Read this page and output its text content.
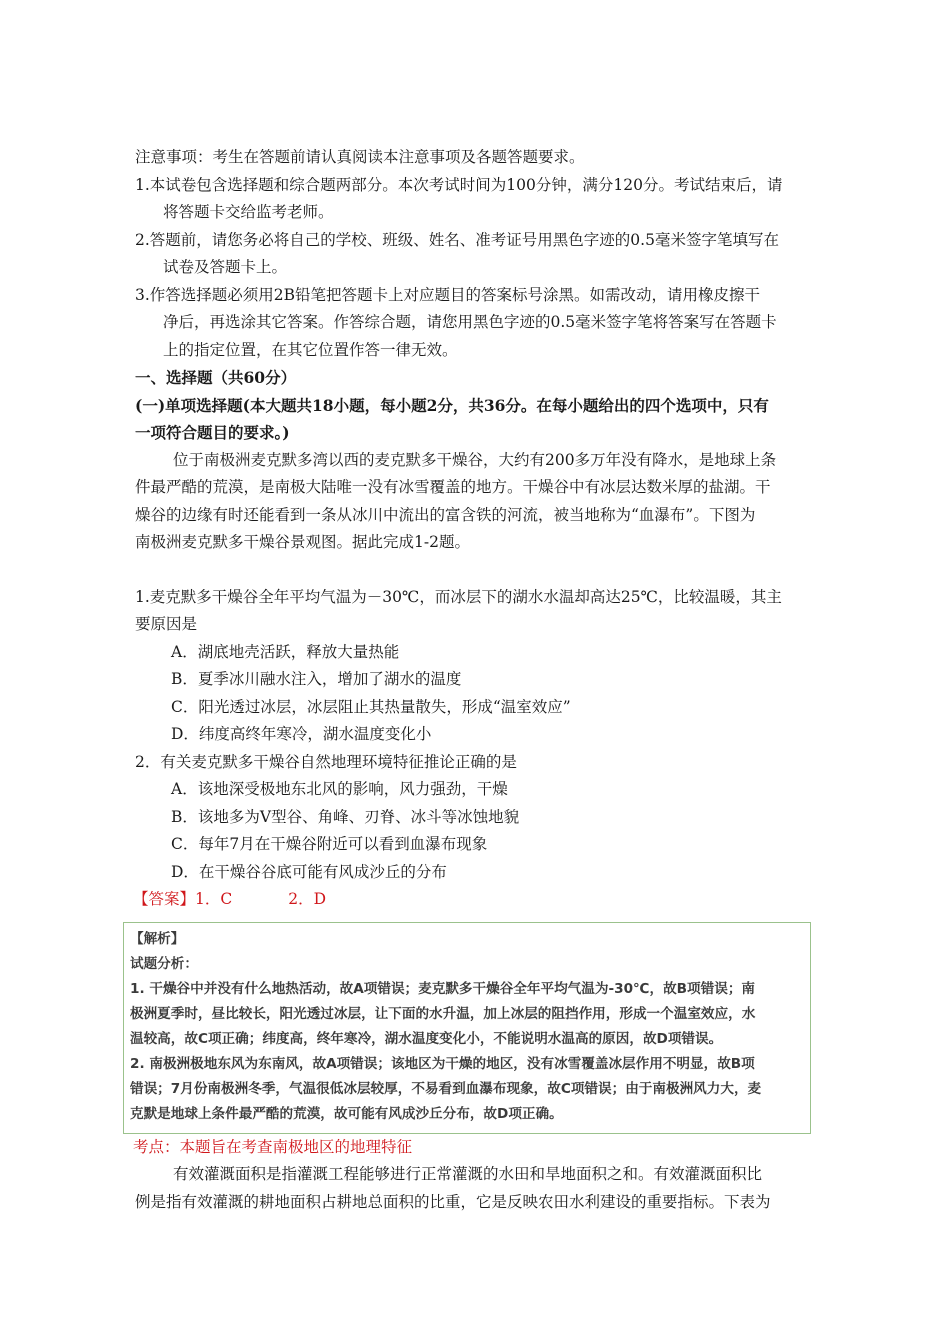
注意事项：考生在答题前请认真阅读本注意事项及各题答题要求。
1.本试卷包含选择题和综合题两部分。本次考试时间为100分钟，满分120分。考试结束后，请
将答题卡交给监考老师。
2.答题前，请您务必将自己的学校、班级、姓名、准考证号用黑色字迹的0.5毫米签字笔填写在
试卷及答题卡上。
3.作答选择题必须用2B铅笔把答题卡上对应题目的答案标号涂黑。如需改动，请用橡皮擦干
净后，再选涂其它答案。作答综合题，请您用黑色字迹的0.5毫米签字笔将答案写在答题卡
上的指定位置，在其它位置作答一律无效。
一、选择题（共60分）
(一)单项选择题(本大题共18小题，每小题2分，共36分。在每小题给出的四个选项中，只有
一项符合题目的要求。)
位于南极洲麦克默多湾以西的麦克默多干燥谷，大约有200多万年没有降水，是地球上条
件最严酷的荒漠，是南极大陆唯一没有冰雪覆盖的地方。干燥谷中有冰层达数米厚的盐湖。干
燥谷的边缘有时还能看到一条从冰川中流出的富含铁的河流，被当地称为“血瀑布”。下图为
南极洲麦克默多干燥谷景观图。据此完成1-2题。
1.麦克默多干燥谷全年平均气温为－30℃，而冰层下的湖水水温却高达25℃，比较温暖，其主
要原因是
A．湖底地壳活跃，释放大量热能
B．夏季冰川融水注入，增加了湖水的温度
C．阳光透过冰层，冰层阻止其热量散失，形成“温室效应”
D．纬度高终年寒冷，湖水温度变化小
2．有关麦克默多干燥谷自然地理环境特征推论正确的是
A．该地深受极地东北风的影响，风力强劲，干燥
B．该地多为V型谷、角峰、刃脊、冰斗等冰蚀地貌
C．每年7月在干燥谷附近可以看到血瀑布现象
D．在干燥谷谷底可能有风成沙丘的分布
【答案】1．C	2．D
【解析】
试题分析：
1. 干燥谷中并没有什么地热活动，故A项错误；麦克默多干燥谷全年平均气温为-30℃，故B项错误；南
极洲夏季时，昼比较长，阳光透过冰层，让下面的水升温，加上冰层的阻挡作用，形成一个温室效应，水
温较高，故C项正确；纬度高，终年寒冷，湖水温度变化小，不能说明水温高的原因，故D项错误。
2. 南极洲极地东风为东南风，故A项错误；该地区为干燥的地区，没有冰雪覆盖冰层作用不明显，故B项
错误；7月份南极洲冬季，气温很低冰层较厚，不易看到血瀑布现象，故C项错误；由于南极洲风力大，麦
克默是地球上条件最严酷的荒漠，故可能有风成沙丘分布，故D项正确。
考点：本题旨在考查南极地区的地理特征
有效灌溉面积是指灌溉工程能够进行正常灌溉的水田和旱地面积之和。有效灌溉面积比
例是指有效灌溉的耕地面积占耕地总面积的比重，它是反映农田水利建设的重要指标。下表为
